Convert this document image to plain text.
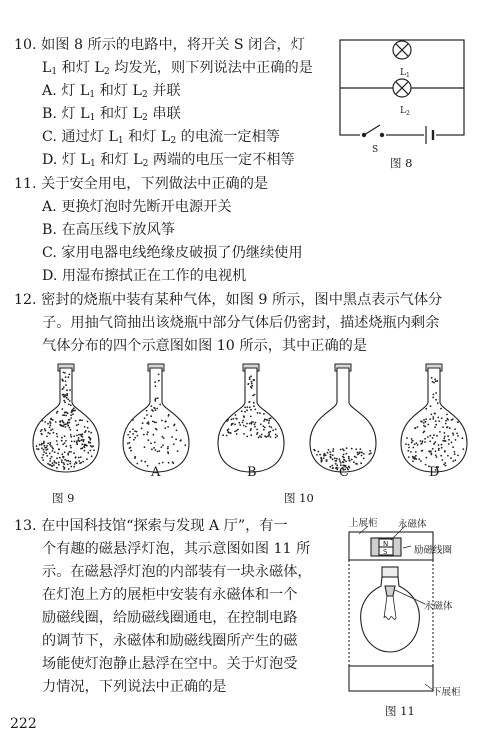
10. 如图 8 所示的电路中，将开关 S 闭合，灯
$L_1$ 和灯 $L_2$ 均发光，则下列说法中正确的是
A. 灯 $L_1$ 和灯 $L_2$ 并联
B. 灯 $L_1$ 和灯 $L_2$ 串联
C. 通过灯 $L_1$ 和灯 $L_2$ 的电流一定相等
D. 灯 $L_1$ 和灯 $L_2$ 两端的电压一定不相等
$L_1$
$L_2$
S
图 8
11. 关于安全用电，下列做法中正确的是
A. 更换灯泡时先断开电源开关
B. 在高压线下放风筝
C. 家用电器电线绝缘皮破损了仍继续使用
D. 用湿布擦拭正在工作的电视机
12. 密封的烧瓶中装有某种气体，如图 9 所示，图中黑点表示气体分
子。用抽气筒抽出该烧瓶中部分气体后仍密封，描述烧瓶内剩余
气体分布的四个示意图如图 10 所示，其中正确的是
A	B	C	D
图 9	图 10
13. 在中国科技馆“探索与发现 A 厅”，有一
个有趣的磁悬浮灯泡，其示意图如图 11 所
示。在磁悬浮灯泡的内部装有一块永磁体，
在灯泡上方的展柜中安装有永磁体和一个
励磁线圈，给励磁线圈通电，在控制电路
的调节下，永磁体和励磁线圈所产生的磁
场能使灯泡静止悬浮在空中。关于灯泡受
力情况，下列说法中正确的是
N
S
上展柜 永磁体
励磁线圈
永磁体
下展柜
图 11
222
